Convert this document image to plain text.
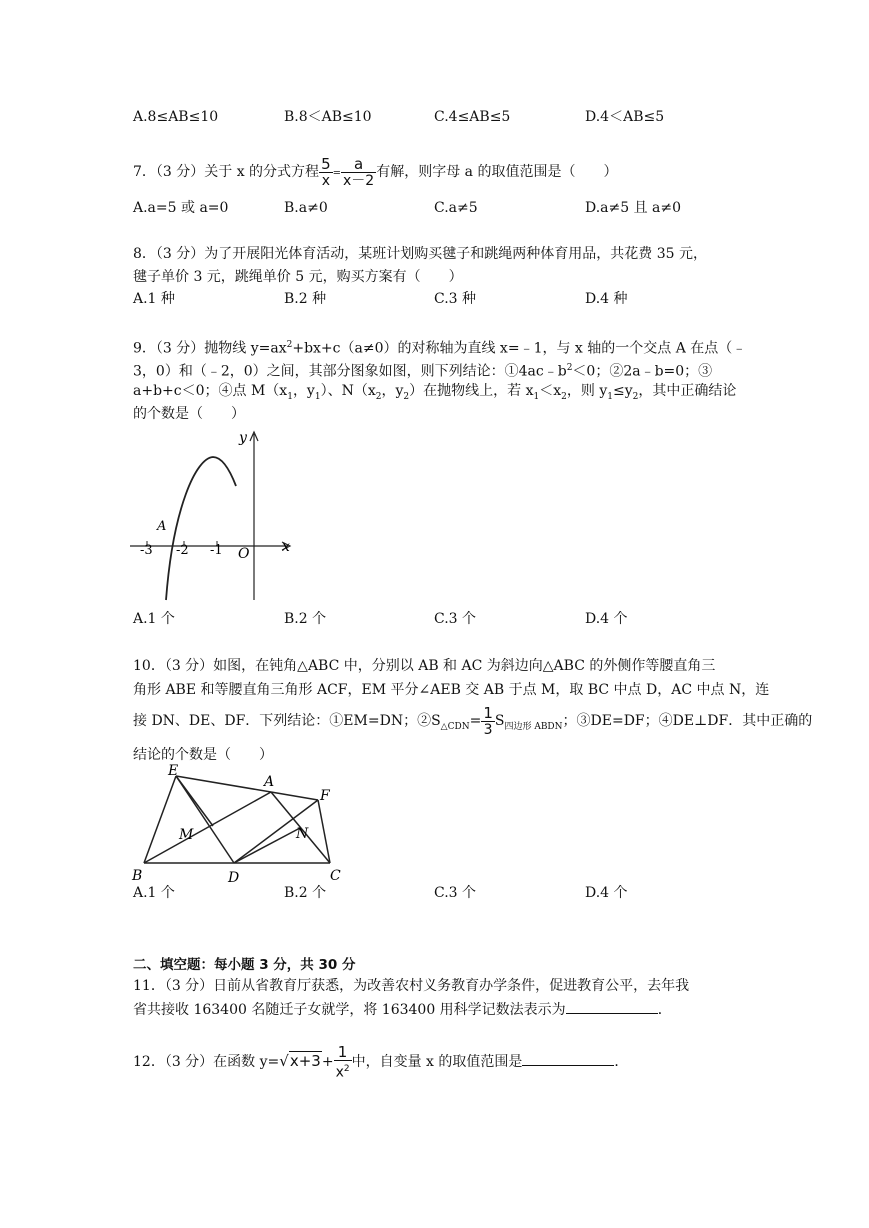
A.8≤AB≤10	B.8＜AB≤10	C.4≤AB≤5	D.4＜AB≤5
7．（3 分）关于 x 的分式方程 $\frac{5}{x} = \frac{a}{x-2}$ 有解，则字母 a 的取值范围是（　　）
A.a=5 或 a=0	B.a≠0	C.a≠5	D.a≠5 且 a≠0
8．（3 分）为了开展阳光体育活动，某班计划购买毽子和跳绳两种体育用品，共花费 35 元，
毽子单价 3 元，跳绳单价 5 元，购买方案有（　　）
A.1 种	B.2 种	C.3 种	D.4 种
9．（3 分）抛物线 $y=ax^2+bx+c(a\ne 0)$的对称轴为直线 x=﹣1，与 x 轴的一个交点 A 在点（﹣
3，0）和（﹣2，0）之间，其部分图象如图，则下列结论：$①4ac﹣b^2<0$；②2a﹣b=0；③
a+b+c＜0；④点 $M(x_1$，$y_1$）、$N(x_2$，$y_2$）在抛物线上，若 $x_1<x_2$，则 $y_1\le y_2$，其中正确结论
的个数是（　　）
y
x
A
O
-3 -2 -1
A.1 个	B.2 个	C.3 个	D.4 个
10．（3 分）如图，在钝角△ABC 中，分别以 AB 和 AC 为斜边向△ABC 的外侧作等腰直角三
角形 ABE 和等腰直角三角形 ACF，EM 平分∠AEB 交 AB 于点 M，取 BC 中点 D，AC 中点 N，连
接 DN、DE、DF．下列结论：①EM=DN；$②S_{\triangle CDN}= \frac{1}{3} S_{四边形 ABDN}$；③DE=DF；④DE⊥DF．其中正确的
结论的个数是（　　）
E
F
A
M	N
B	D	C
A.1 个	B.2 个	C.3 个	D.4 个
二、填空题：每小题 3 分，共 30 分
11．（3 分）日前从省教育厅获悉，为改善农村义务教育办学条件，促进教育公平，去年我
省共接收 163400 名随迁子女就学，将 163400 用科学记数法表示为	．
12．（3 分）在函数 $y=√x+3+ \frac{1}{x^2}$ 中，自变量 x 的取值范围是	．
